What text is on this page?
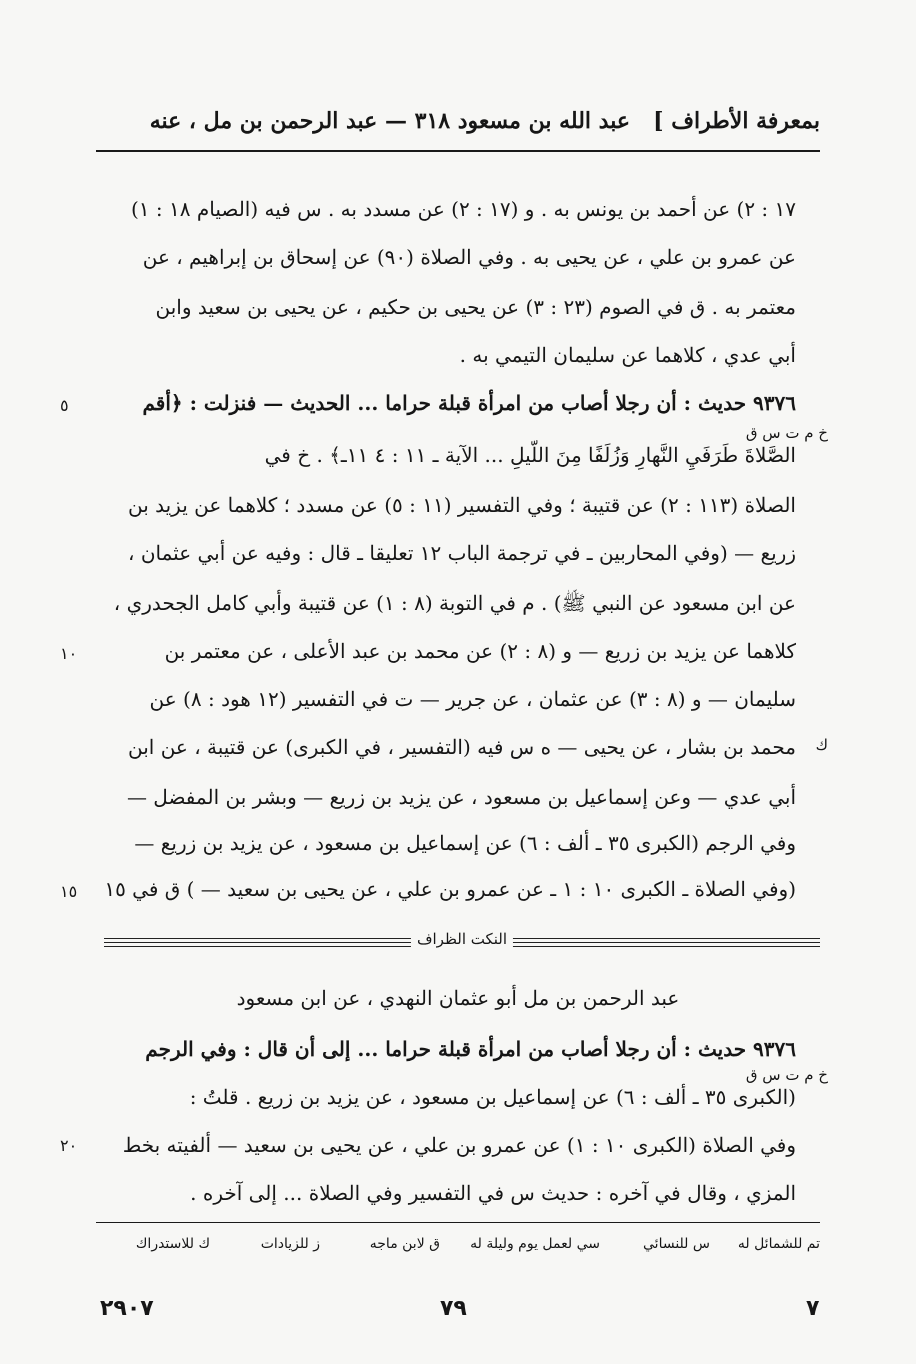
بمعرفة الأطراف ]
عبد الله بن مسعود ٣١٨ — عبد الرحمن بن مل ، عنه
١٧ : ٢) عن أحمد بن يونس به . و (١٧ : ٢) عن مسدد به . س فيه (الصيام ١٨ : ١)
عن عمرو بن علي ، عن يحيى به . وفي الصلاة (٩٠) عن إسحاق بن إبراهيم ، عن
معتمر به . ق في الصوم (٢٣ : ٣) عن يحيى بن حكيم ، عن يحيى بن سعيد وابن
أبي عدي ، كلاهما عن سليمان التيمي به .
٩٣٧٦ حديث : أن رجلا أصاب من امرأة قبلة حراما ... الحديث — فنزلت : ﴿أقم
الصَّلاةَ طَرَفَيِ النَّهارِ وَزُلَفًا مِنَ اللَّيلِ ... الآية ـ ١١ : ٤ ١١ـ﴾ . خ في
الصلاة (١١٣ : ٢) عن قتيبة ؛ وفي التفسير (١١ : ٥) عن مسدد ؛ كلاهما عن يزيد بن
زريع — (وفي المحاربين ـ في ترجمة الباب ١٢ تعليقا ـ قال : وفيه عن أبي عثمان ،
عن ابن مسعود عن النبي ﷺ) . م في التوبة (٨ : ١) عن قتيبة وأبي كامل الجحدري ،
كلاهما عن يزيد بن زريع — و (٨ : ٢) عن محمد بن عبد الأعلى ، عن معتمر بن
سليمان — و (٨ : ٣) عن عثمان ، عن جرير — ت في التفسير (١٢ هود : ٨) عن
محمد بن بشار ، عن يحيى — ه س فيه (التفسير ، في الكبرى) عن قتيبة ، عن ابن
أبي عدي — وعن إسماعيل بن مسعود ، عن يزيد بن زريع — وبشر بن المفضل —
وفي الرجم (الكبرى ٣٥ ـ ألف : ٦) عن إسماعيل بن مسعود ، عن يزيد بن زريع —
(وفي الصلاة ـ الكبرى ١٠ : ١ ـ عن عمرو بن علي ، عن يحيى بن سعيد — ) ق في ١٥
٥
١٠
١٥
٢٠
خ م ت س ق
ك
خ م ت س ق
النكت الظراف
عبد الرحمن بن مل أبو عثمان النهدي ، عن ابن مسعود
٩٣٧٦ حديث : أن رجلا أصاب من امرأة قبلة حراما ... إلى أن قال : وفي الرجم
(الكبرى ٣٥ ـ ألف : ٦) عن إسماعيل بن مسعود ، عن يزيد بن زريع . قلتُ :
وفي الصلاة (الكبرى ١٠ : ١) عن عمرو بن علي ، عن يحيى بن سعيد — ألفيته بخط
المزي ، وقال في آخره : حديث س في التفسير وفي الصلاة ... إلى آخره .
تم للشمائل له
س للنسائي
سي لعمل يوم وليلة له
ق لابن ماجه
ز للزيادات
ك للاستدراك
٢٩٠٧	٧٩	٧
